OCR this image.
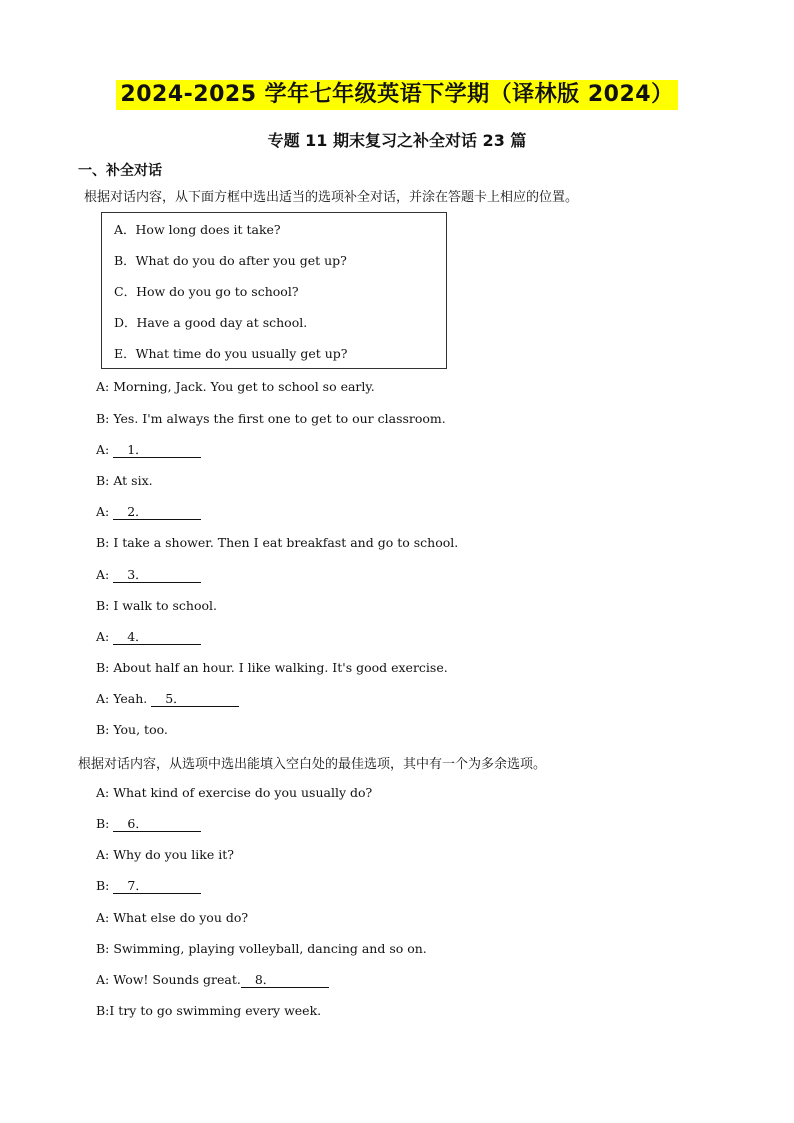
2024-2025 学年七年级英语下学期（译林版 2024）
专题 11 期末复习之补全对话 23 篇
一、补全对话
根据对话内容，从下面方框中选出适当的选项补全对话，并涂在答题卡上相应的位置。
A．How long does it take?
B．What do you do after you get up?
C．How do you go to school?
D．Have a good day at school.
E．What time do you usually get up?
A: Morning, Jack. You get to school so early.
B: Yes. I'm always the first one to get to our classroom.
A: 1．
B: At six.
A: 2．
B: I take a shower. Then I eat breakfast and go to school.
A: 3．
B: I walk to school.
A: 4．
B: About half an hour. I like walking. It's good exercise.
A: Yeah. 5．
B: You, too.
根据对话内容，从选项中选出能填入空白处的最佳选项，其中有一个为多余选项。
A: What kind of exercise do you usually do?
B: 6．
A: Why do you like it?
B: 7．
A: What else do you do?
B: Swimming, playing volleyball, dancing and so on.
A: Wow! Sounds great. 8．
B:I try to go swimming every week.
